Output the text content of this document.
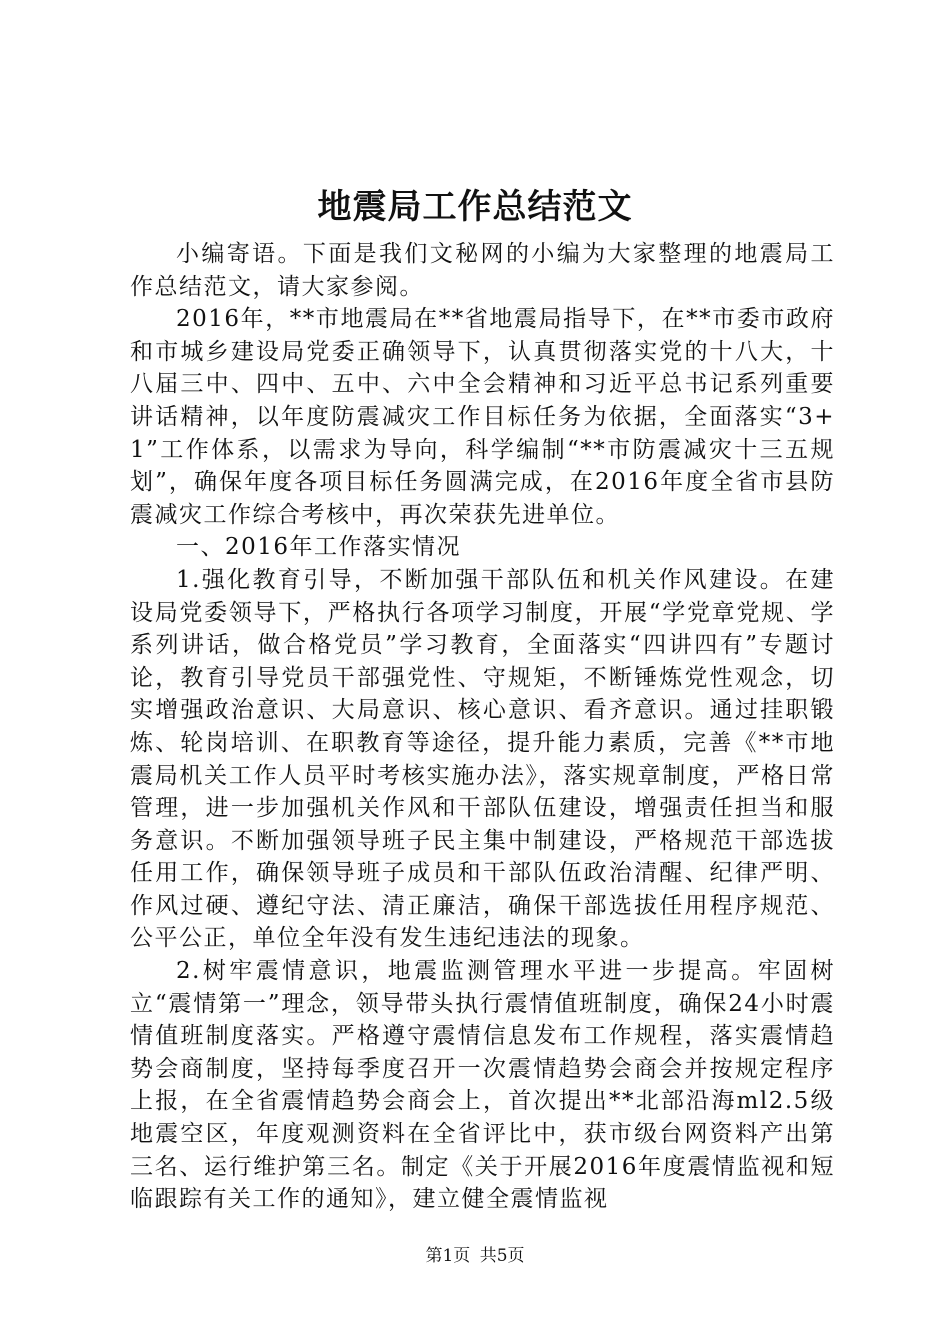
地震局工作总结范文

小编寄语。下面是我们文秘网的小编为大家整理的地震局工作总结范文，请大家参阅。

2016年，**市地震局在**省地震局指导下，在**市委市政府和市城乡建设局党委正确领导下，认真贯彻落实党的十八大，十八届三中、四中、五中、六中全会精神和习近平总书记系列重要讲话精神，以年度防震减灾工作目标任务为依据，全面落实“3+1”工作体系，以需求为导向，科学编制“**市防震减灾十三五规划”，确保年度各项目标任务圆满完成，在2016年度全省市县防震减灾工作综合考核中，再次荣获先进单位。

一、2016年工作落实情况

1.强化教育引导，不断加强干部队伍和机关作风建设。在建设局党委领导下，严格执行各项学习制度，开展“学党章党规、学系列讲话，做合格党员”学习教育，全面落实“四讲四有”专题讨论，教育引导党员干部强党性、守规矩，不断锤炼党性观念，切实增强政治意识、大局意识、核心意识、看齐意识。通过挂职锻炼、轮岗培训、在职教育等途径，提升能力素质，完善《**市地震局机关工作人员平时考核实施办法》，落实规章制度，严格日常管理，进一步加强机关作风和干部队伍建设，增强责任担当和服务意识。不断加强领导班子民主集中制建设，严格规范干部选拔任用工作，确保领导班子成员和干部队伍政治清醒、纪律严明、作风过硬、遵纪守法、清正廉洁，确保干部选拔任用程序规范、公平公正，单位全年没有发生违纪违法的现象。

2.树牢震情意识，地震监测管理水平进一步提高。牢固树立“震情第一”理念，领导带头执行震情值班制度，确保24小时震情值班制度落实。严格遵守震情信息发布工作规程，落实震情趋势会商制度，坚持每季度召开一次震情趋势会商会并按规定程序上报，在全省震情趋势会商会上，首次提出**北部沿海ml2.5级地震空区，年度观测资料在全省评比中，获市级台网资料产出第三名、运行维护第三名。制定《关于开展2016年度震情监视和短临跟踪有关工作的通知》，建立健全震情监视

第1页 共5页
